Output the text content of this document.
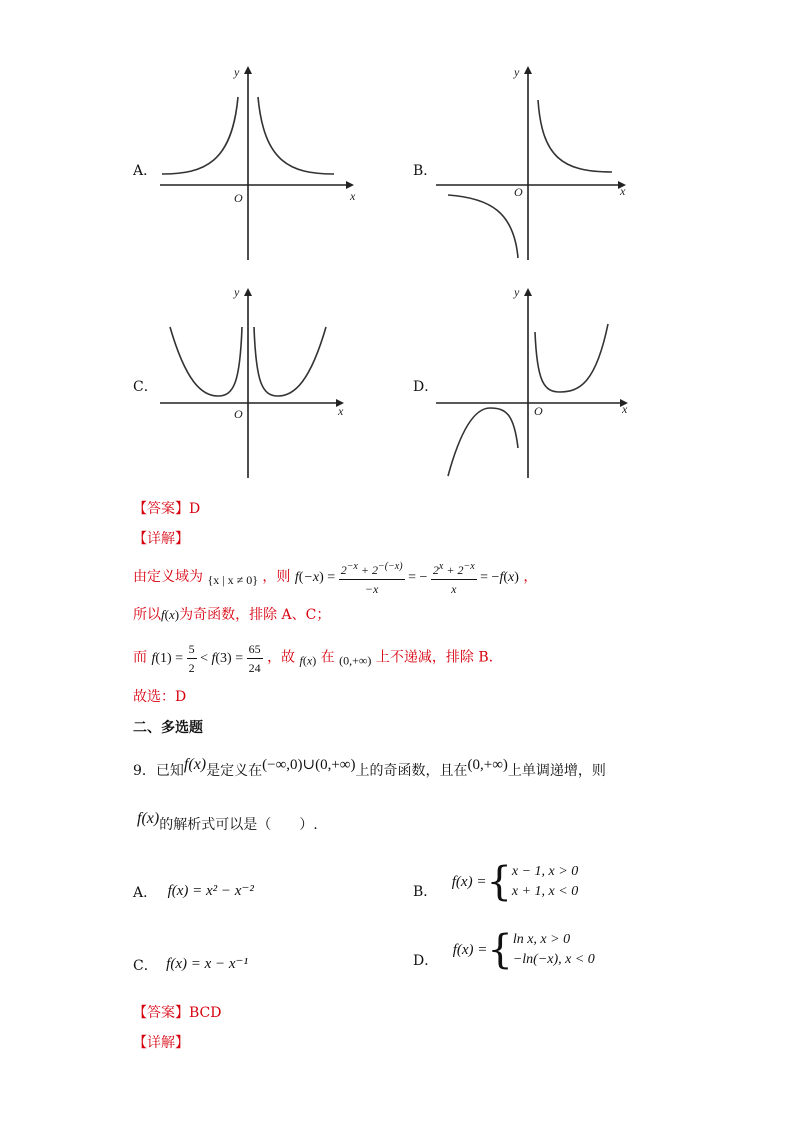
A．
x
y
O
B．
x
y
O
C．
x
y
O
D．
x
y
O
【答案】D
【详解】
由定义域为 {x | x ≠ 0} ，则 $f(-x) = \frac{2^{-x} + 2^{-(-x)}}{-x}$ = − $\frac{2^x + 2^{-x}}{x} = -f(x)$ ，
所以f(x)为奇函数，排除 A、C；
而 $f(1) = \frac{5}{2} < f(3) = \frac{65}{24}$ ，故 f(x) 在 (0,+∞) 上不递减，排除 B.
故选：D
二、多选题
9．已知f(x)是定义在(−∞,0)∪(0,+∞)上的奇函数，且在(0,+∞)上单调递增，则
f(x)的解析式可以是（　　）.
A． f(x) = x² − x⁻²	B． f(x) ={ x − 1, x > 0
x + 1, x < 0
C． f(x) = x − x⁻¹	D． f(x) ={ ln x, x > 0
−ln(−x), x < 0
【答案】BCD
【详解】
